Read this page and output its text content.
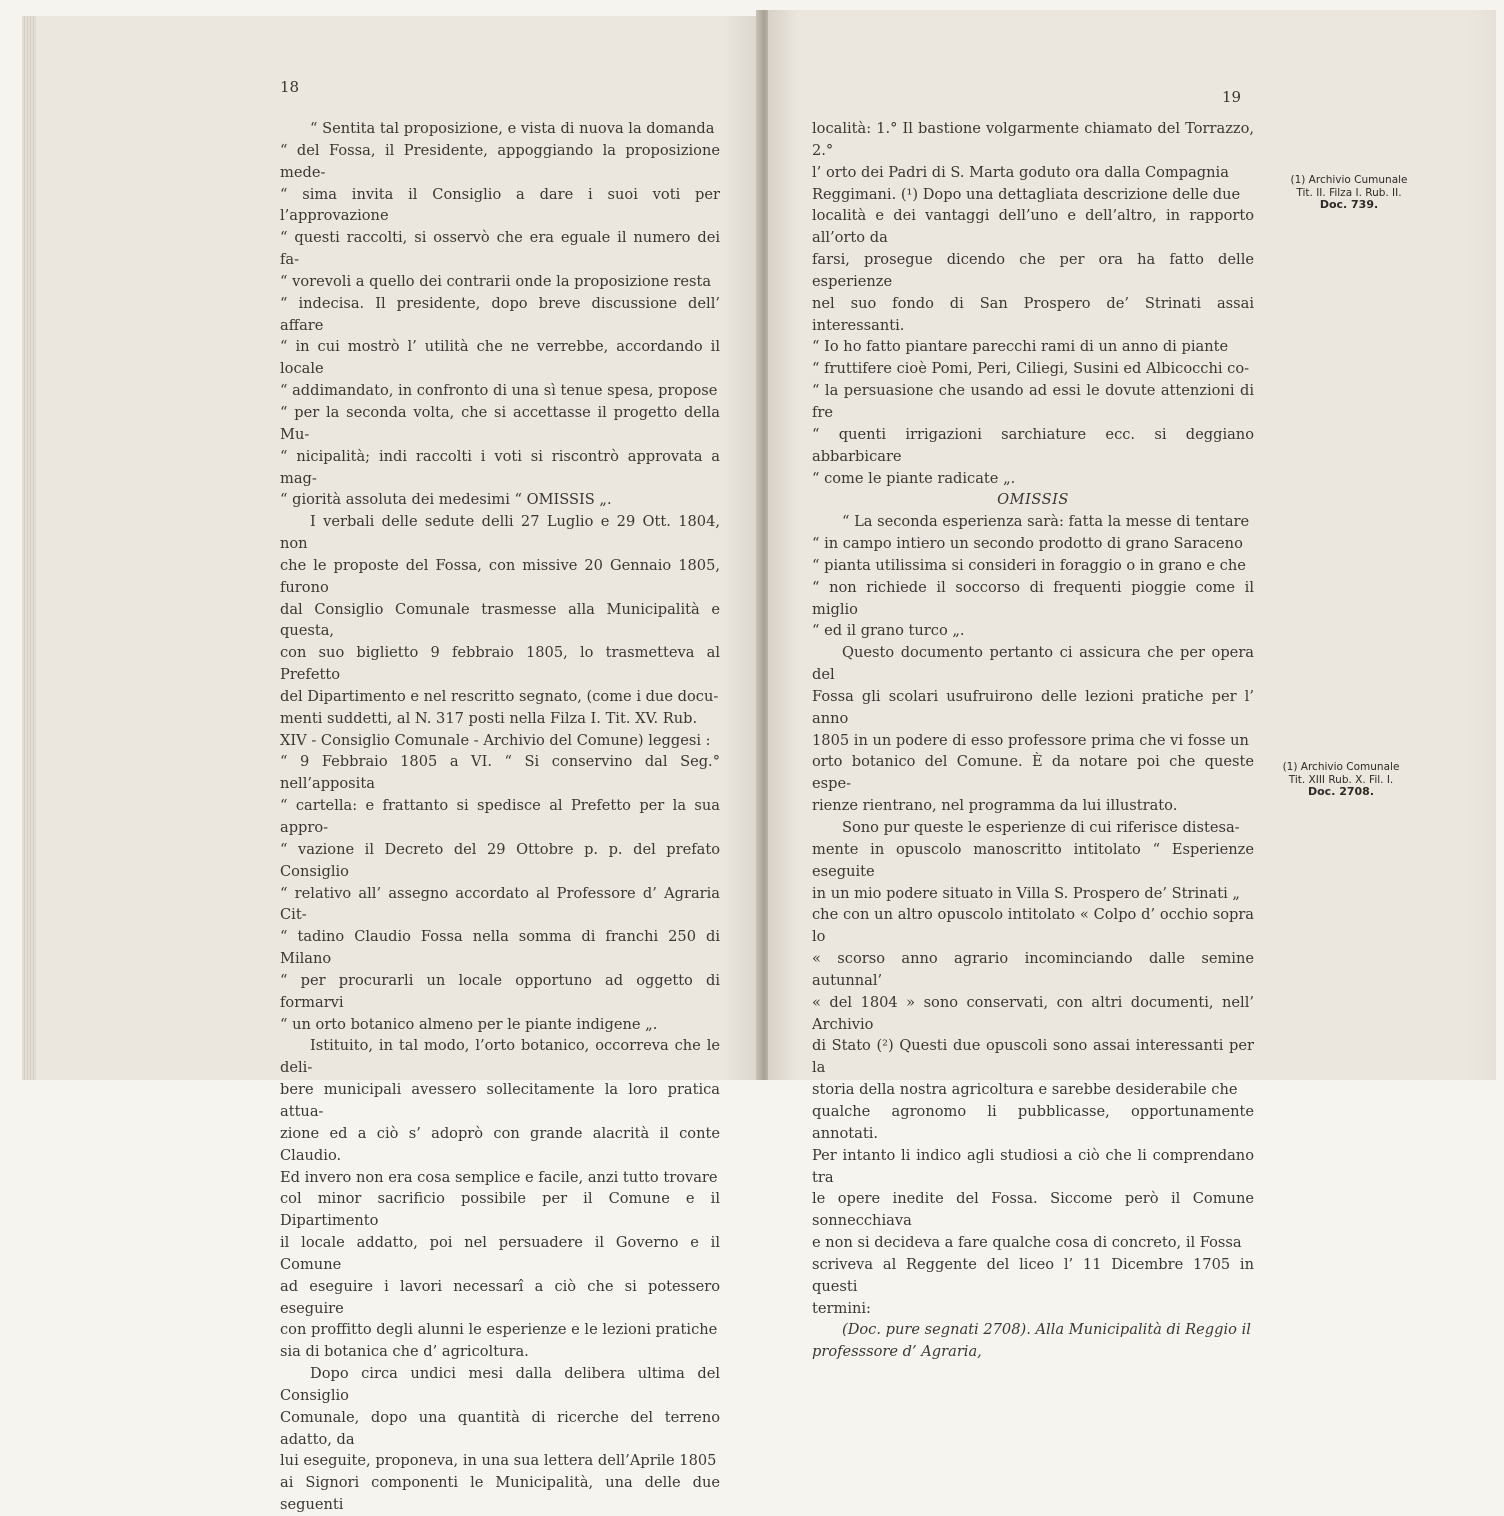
18

“ Sentita tal proposizione, e vista di nuova la domanda

“ del Fossa, il Presidente, appoggiando la proposizione mede-

“ sima invita il Consiglio a dare i suoi voti per l’approvazione

“ questi raccolti, si osservò che era eguale il numero dei fa-

“ vorevoli a quello dei contrarii onde la proposizione resta

“ indecisa. Il presidente, dopo breve discussione dell’ affare

“ in cui mostrò l’ utilità che ne verrebbe, accordando il locale

“ addimandato, in confronto di una sì tenue spesa, propose

“ per la seconda volta, che si accettasse il progetto della Mu-

“ nicipalità; indi raccolti i voti si riscontrò approvata a mag-

“ giorità assoluta dei medesimi “ OMISSIS „.

I verbali delle sedute delli 27 Luglio e 29 Ott. 1804, non

che le proposte del Fossa, con missive 20 Gennaio 1805, furono

dal Consiglio Comunale trasmesse alla Municipalità e questa,

con suo biglietto 9 febbraio 1805, lo trasmetteva al Prefetto

del Dipartimento e nel rescritto segnato, (come i due docu-

menti suddetti, al N. 317 posti nella Filza I. Tit. XV. Rub.

XIV - Consiglio Comunale - Archivio del Comune) leggesi :

“ 9 Febbraio 1805 a VI. “ Si conservino dal Seg.° nell’apposita

“ cartella: e frattanto si spedisce al Prefetto per la sua appro-

“ vazione il Decreto del 29 Ottobre p. p. del prefato Consiglio

“ relativo all’ assegno accordato al Professore d’ Agraria Cit-

“ tadino Claudio Fossa nella somma di franchi 250 di Milano

“ per procurarli un locale opportuno ad oggetto di formarvi

“ un orto botanico almeno per le piante indigene „.

Istituito, in tal modo, l’orto botanico, occorreva che le deli-

bere municipali avessero sollecitamente la loro pratica attua-

zione ed a ciò s’ adoprò con grande alacrità il conte Claudio.

Ed invero non era cosa semplice e facile, anzi tutto trovare

col minor sacrificio possibile per il Comune e il Dipartimento

il locale addatto, poi nel persuadere il Governo e il Comune

ad eseguire i lavori necessarî a ciò che si potessero eseguire

con proffitto degli alunni le esperienze e le lezioni pratiche

sia di botanica che d’ agricoltura.

Dopo circa undici mesi dalla delibera ultima del Consiglio

Comunale, dopo una quantità di ricerche del terreno adatto, da

lui eseguite, proponeva, in una sua lettera dell’Aprile 1805

ai Signori componenti le Municipalità, una delle due seguenti

19

località: 1.° Il bastione volgarmente chiamato del Torrazzo, 2.°

l’ orto dei Padri di S. Marta goduto ora dalla Compagnia

Reggimani. (¹) Dopo una dettagliata descrizione delle due

località e dei vantaggi dell’uno e dell’altro, in rapporto all’orto da

farsi, prosegue dicendo che per ora ha fatto delle esperienze

nel suo fondo di San Prospero de’ Strinati assai interessanti.

“ Io ho fatto piantare parecchi rami di un anno di piante

“ fruttifere cioè Pomi, Peri, Ciliegi, Susini ed Albicocchi co-

“ la persuasione che usando ad essi le dovute attenzioni di fre

“ quenti irrigazioni sarchiature ecc. si deggiano abbarbicare

“ come le piante radicate „.

OMISSIS

“ La seconda esperienza sarà: fatta la messe di tentare

“ in campo intiero un secondo prodotto di grano Saraceno

“ pianta utilissima si consideri in foraggio o in grano e che

“ non richiede il soccorso di frequenti pioggie come il miglio

“ ed il grano turco „.

Questo documento pertanto ci assicura che per opera del

Fossa gli scolari usufruirono delle lezioni pratiche per l’ anno

1805 in un podere di esso professore prima che vi fosse un

orto botanico del Comune. È da notare poi che queste espe-

rienze rientrano, nel programma da lui illustrato.

Sono pur queste le esperienze di cui riferisce distesa-

mente in opuscolo manoscritto intitolato “ Esperienze eseguite

in un mio podere situato in Villa S. Prospero de’ Strinati „

che con un altro opuscolo intitolato « Colpo d’ occhio sopra lo

« scorso anno agrario incominciando dalle semine autunnal’

« del 1804 » sono conservati, con altri documenti, nell’ Archivio

di Stato (²) Questi due opuscoli sono assai interessanti per la

storia della nostra agricoltura e sarebbe desiderabile che

qualche agronomo li pubblicasse, opportunamente annotati.

Per intanto li indico agli studiosi a ciò che li comprendano tra

le opere inedite del Fossa. Siccome però il Comune sonnecchiava

e non si decideva a fare qualche cosa di concreto, il Fossa

scriveva al Reggente del liceo l’ 11 Dicembre 1705 in questi

termini:

(Doc. pure segnati 2708). Alla Municipalità di Reggio il

professsore d’ Agraria,

(1) Archivio Cumunale
Tit. II. Filza I. Rub. II.
Doc. 739.
(1) Archivio Comunale
Tit. XIII Rub. X. Fil. I.
Doc. 2708.
